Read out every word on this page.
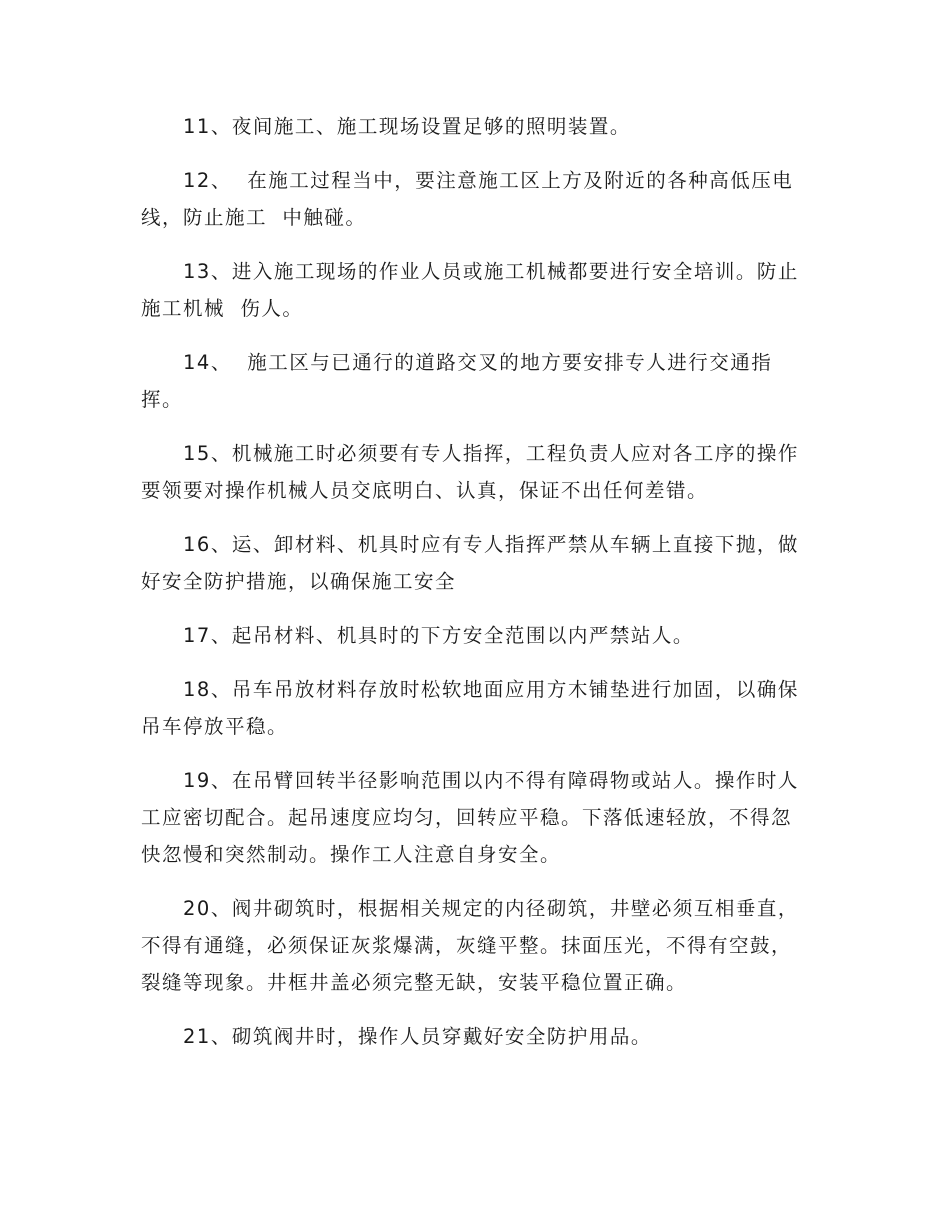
11、夜间施工、施工现场设置足够的照明装置。

12、  在施工过程当中，要注意施工区上方及附近的各种高低压电线，防止施工  中触碰。

13、进入施工现场的作业人员或施工机械都要进行安全培训。防止施工机械  伤人。

14、  施工区与已通行的道路交叉的地方要安排专人进行交通指挥。

15、机械施工时必须要有专人指挥，工程负责人应对各工序的操作要领要对操作机械人员交底明白、认真，保证不出任何差错。

16、运、卸材料、机具时应有专人指挥严禁从车辆上直接下抛，做好安全防护措施，以确保施工安全

17、起吊材料、机具时的下方安全范围以内严禁站人。

18、吊车吊放材料存放时松软地面应用方木铺垫进行加固，以确保吊车停放平稳。

19、在吊臂回转半径影响范围以内不得有障碍物或站人。操作时人工应密切配合。起吊速度应均匀，回转应平稳。下落低速轻放，不得忽快忽慢和突然制动。操作工人注意自身安全。

20、阀井砌筑时，根据相关规定的内径砌筑，井壁必须互相垂直，不得有通缝，必须保证灰浆爆满，灰缝平整。抹面压光，不得有空鼓，裂缝等现象。井框井盖必须完整无缺，安装平稳位置正确。

21、砌筑阀井时，操作人员穿戴好安全防护用品。
